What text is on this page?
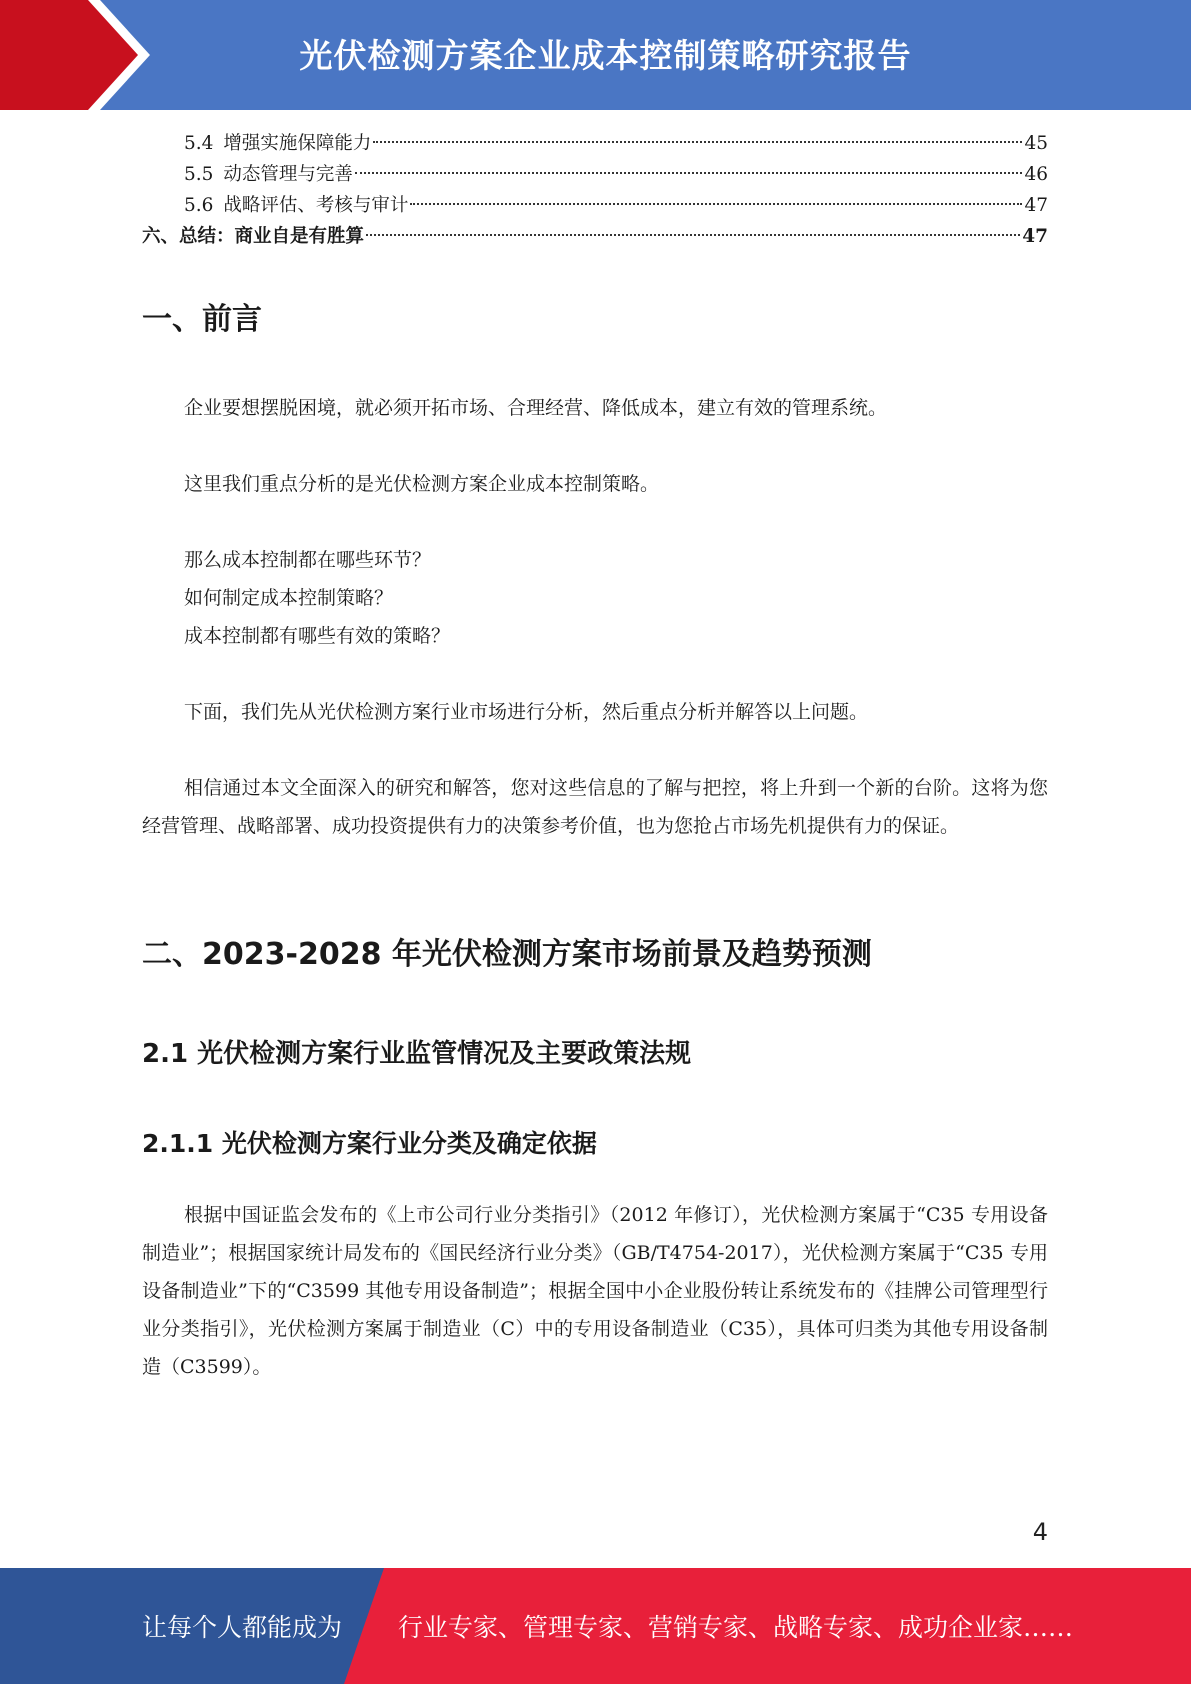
光伏检测方案企业成本控制策略研究报告
5.4 增强实施保障能力	45
5.5 动态管理与完善	46
5.6 战略评估、考核与审计	47
六、总结：商业自是有胜算	47
一、前言

企业要想摆脱困境，就必须开拓市场、合理经营、降低成本，建立有效的管理系统。

这里我们重点分析的是光伏检测方案企业成本控制策略。

那么成本控制都在哪些环节？

如何制定成本控制策略？

成本控制都有哪些有效的策略？

下面，我们先从光伏检测方案行业市场进行分析，然后重点分析并解答以上问题。

相信通过本文全面深入的研究和解答，您对这些信息的了解与把控，将上升到一个新的台阶。这将为您经营管理、战略部署、成功投资提供有力的决策参考价值，也为您抢占市场先机提供有力的保证。

二、2023-2028 年光伏检测方案市场前景及趋势预测
2.1 光伏检测方案行业监管情况及主要政策法规
2.1.1 光伏检测方案行业分类及确定依据

根据中国证监会发布的《上市公司行业分类指引》（2012 年修订），光伏检测方案属于“C35 专用设备制造业”；根据国家统计局发布的《国民经济行业分类》（GB/T4754-2017），光伏检测方案属于“C35 专用设备制造业”下的“C3599 其他专用设备制造”；根据全国中小企业股份转让系统发布的《挂牌公司管理型行业分类指引》，光伏检测方案属于制造业（C）中的专用设备制造业（C35），具体可归类为其他专用设备制造（C3599）。

4
让每个人都能成为 行业专家、管理专家、营销专家、战略专家、成功企业家……
